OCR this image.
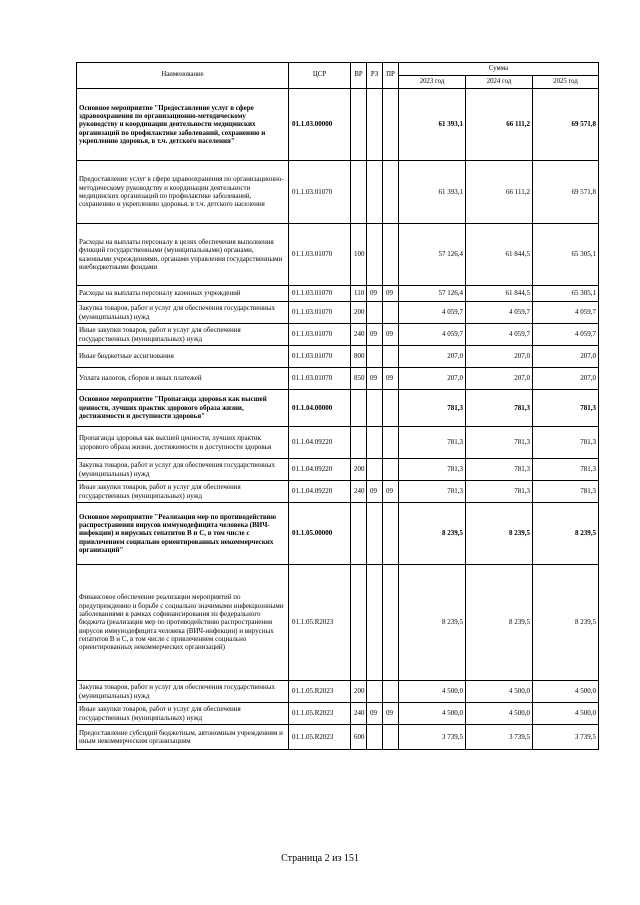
Наименование	ЦСР	ВР	РЗ	ПР	Сумма		
					2023 год	2024 год	2025 год
Основное мероприятие "Предоставление услуг в сфере здравоохранения по организационно-методическому руководству и координации деятельности медицинских организаций по профилактике заболеваний, сохранению и укреплению здоровья, в т.ч. детского населения"	01.1.03.00000				61 393,1	66 111,2	69 571,8
Предоставление услуг в сфере здравоохранения по организационно-методическому руководству и координации деятельности медицинских организаций по профилактике заболеваний, сохранению и укреплению здоровья, в т.ч. детского населения	01.1.03.01070				61 393,1	66 111,2	69 571,8
Расходы на выплаты персоналу в целях обеспечения выполнения функций государственными (муниципальными) органами, казенными учреждениями, органами управления государственными внебюджетными фондами	01.1.03.01070	100			57 126,4	61 844,5	65 305,1
Расходы на выплаты персоналу казенных учреждений	01.1.03.01070	110	09	09	57 126,4	61 844,5	65 305,1
Закупка товаров, работ и услуг для обеспечения государственных (муниципальных) нужд	01.1.03.01070	200			4 059,7	4 059,7	4 059,7
Иные закупки товаров, работ и услуг для обеспечения государственных (муниципальных) нужд	01.1.03.01070	240	09	09	4 059,7	4 059,7	4 059,7
Иные бюджетные ассигнования	01.1.03.01070	800			207,0	207,0	207,0
Уплата налогов, сборов и иных платежей	01.1.03.01070	850	09	09	207,0	207,0	207,0
Основное мероприятие "Пропаганда здоровья как высшей ценности, лучших практик здорового образа жизни, достижимости и доступности здоровья"	01.1.04.00000				781,3	781,3	781,3
Пропаганда здоровья как высшей ценности, лучших практик здорового образа жизни, достижимости и доступности здоровья	01.1.04.09220				781,3	781,3	781,3
Закупка товаров, работ и услуг для обеспечения государственных (муниципальных) нужд	01.1.04.09220	200			781,3	781,3	781,3
Иные закупки товаров, работ и услуг для обеспечения государственных (муниципальных) нужд	01.1.04.09220	240	09	09	781,3	781,3	781,3
Основное мероприятие "Реализация мер по противодействию распространения вирусов иммунодефицита человека (ВИЧ-инфекции) и вирусных гепатитов В и С, в том числе с привлечением социально ориентированных некоммерческих организаций"	01.1.05.00000				8 239,5	8 239,5	8 239,5
Финансовое обеспечение реализации мероприятий по предупреждению и борьбе с социально значимыми инфекционными заболеваниями в рамках софинансирования из федерального бюджета (реализация мер по противодействию распространения вирусов иммунодефицита человека (ВИЧ-инфекции) и вирусных гепатитов В и С, в том числе с привлечением социально ориентированных некоммерческих организаций)	01.1.05.R2023				8 239,5	8 239,5	8 239,5
Закупка товаров, работ и услуг для обеспечения государственных (муниципальных) нужд	01.1.05.R2023	200			4 500,0	4 500,0	4 500,0
Иные закупки товаров, работ и услуг для обеспечения государственных (муниципальных) нужд	01.1.05.R2023	240	09	09	4 500,0	4 500,0	4 500,0
Предоставление субсидий бюджетным, автономным учреждениям и иным некоммерческим организациям	01.1.05.R2023	600			3 739,5	3 739,5	3 739,5
Страница 2 из 151
